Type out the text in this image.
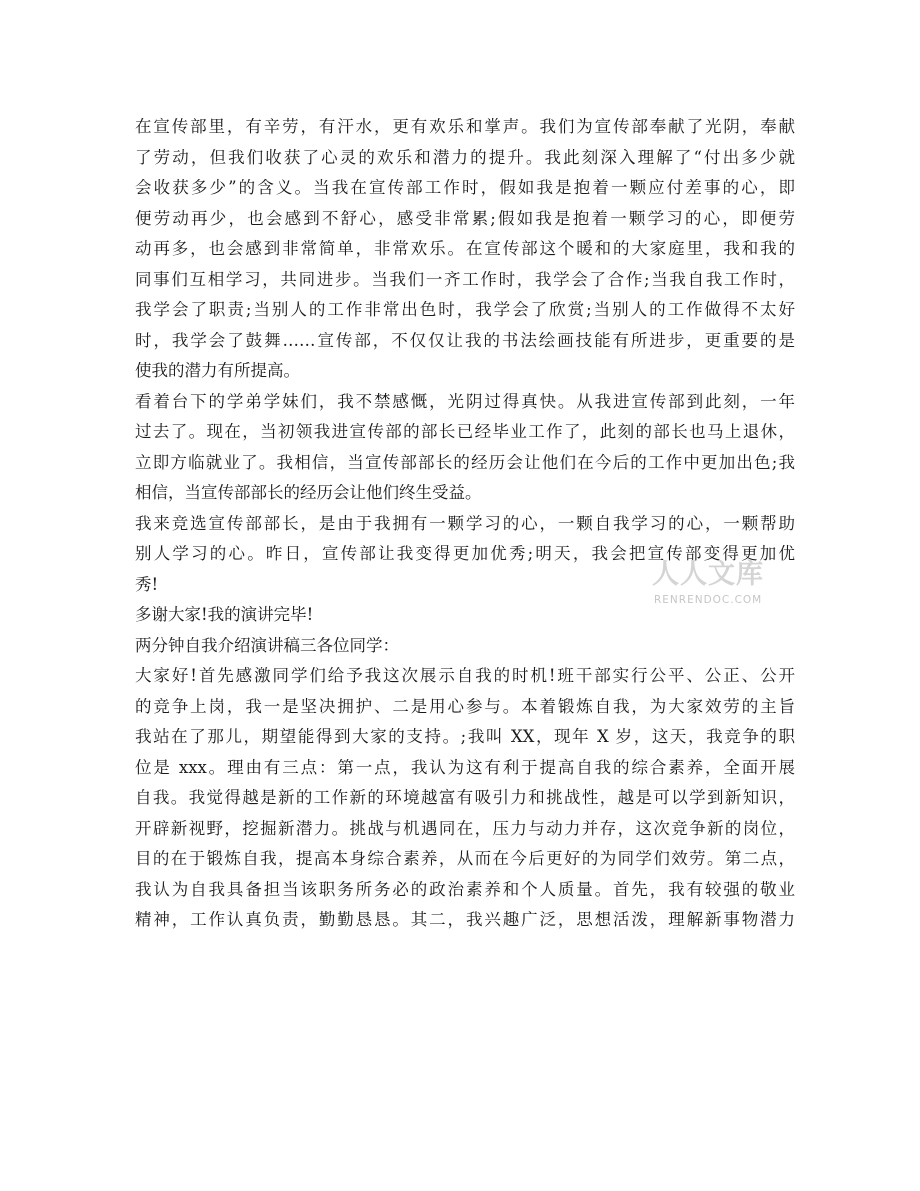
在宣传部里，有辛劳，有汗水，更有欢乐和掌声。我们为宣传部奉献了光阴，奉献
了劳动，但我们收获了心灵的欢乐和潜力的提升。我此刻深入理解了“付出多少就
会收获多少”的含义。当我在宣传部工作时，假如我是抱着一颗应付差事的心，即
便劳动再少，也会感到不舒心，感受非常累;假如我是抱着一颗学习的心，即便劳
动再多，也会感到非常简单，非常欢乐。在宣传部这个暖和的大家庭里，我和我的
同事们互相学习，共同进步。当我们一齐工作时，我学会了合作;当我自我工作时，
我学会了职责;当别人的工作非常出色时，我学会了欣赏;当别人的工作做得不太好
时，我学会了鼓舞……宣传部，不仅仅让我的书法绘画技能有所进步，更重要的是
使我的潜力有所提高。
看着台下的学弟学妹们，我不禁感慨，光阴过得真快。从我进宣传部到此刻，一年
过去了。现在，当初领我进宣传部的部长已经毕业工作了，此刻的部长也马上退休，
立即方临就业了。我相信，当宣传部部长的经历会让他们在今后的工作中更加出色;我
相信，当宣传部部长的经历会让他们终生受益。
我来竞选宣传部部长，是由于我拥有一颗学习的心，一颗自我学习的心，一颗帮助
别人学习的心。昨日，宣传部让我变得更加优秀;明天，我会把宣传部变得更加优
秀!
多谢大家!我的演讲完毕!
两分钟自我介绍演讲稿三各位同学：
大家好!首先感激同学们给予我这次展示自我的时机!班干部实行公平、公正、公开
的竞争上岗，我一是坚决拥护、二是用心参与。本着锻炼自我，为大家效劳的主旨
我站在了那儿，期望能得到大家的支持。;我叫 XX，现年 X 岁，这天，我竞争的职
位是 xxx。理由有三点：第一点，我认为这有利于提高自我的综合素养，全面开展
自我。我觉得越是新的工作新的环境越富有吸引力和挑战性，越是可以学到新知识，
开辟新视野，挖掘新潜力。挑战与机遇同在，压力与动力并存，这次竞争新的岗位，
目的在于锻炼自我，提高本身综合素养，从而在今后更好的为同学们效劳。第二点，
我认为自我具备担当该职务所务必的政治素养和个人质量。首先，我有较强的敬业
精神，工作认真负责，勤勤恳恳。其二，我兴趣广泛，思想活泼，理解新事物潜力
人人文库
RENRENDOC.COM
